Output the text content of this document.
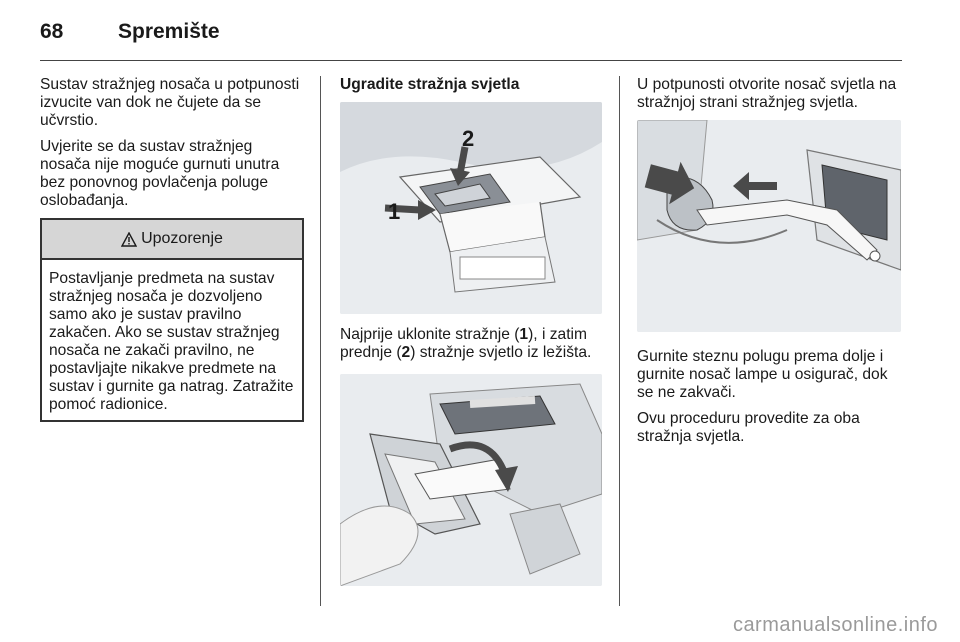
68	Spremište

Sustav stražnjeg nosača u potpunosti izvucite van dok ne čujete da se učvrstio.

Uvjerite se da sustav stražnjeg nosača nije moguće gurnuti unutra bez ponovnog povlačenja poluge oslobađanja.

Upozorenje

Postavljanje predmeta na sustav stražnjeg nosača je dozvoljeno samo ako je sustav pravilno zakačen. Ako se sustav stražnjeg nosača ne zakači pravilno, ne postavljajte nikakve predmete na sustav i gurnite ga natrag. Zatražite pomoć radionice.

Ugradite stražnja svjetla

1
2

Najprije uklonite stražnje (1), i zatim prednje (2) stražnje svjetlo iz ležišta.

U potpunosti otvorite nosač svjetla na stražnjoj strani stražnjeg svjetla.

Gurnite steznu polugu prema dolje i gurnite nosač lampe u osigurač, dok se ne zakvači.

Ovu proceduru provedite za oba stražnja svjetla.

carmanualsonline.info
